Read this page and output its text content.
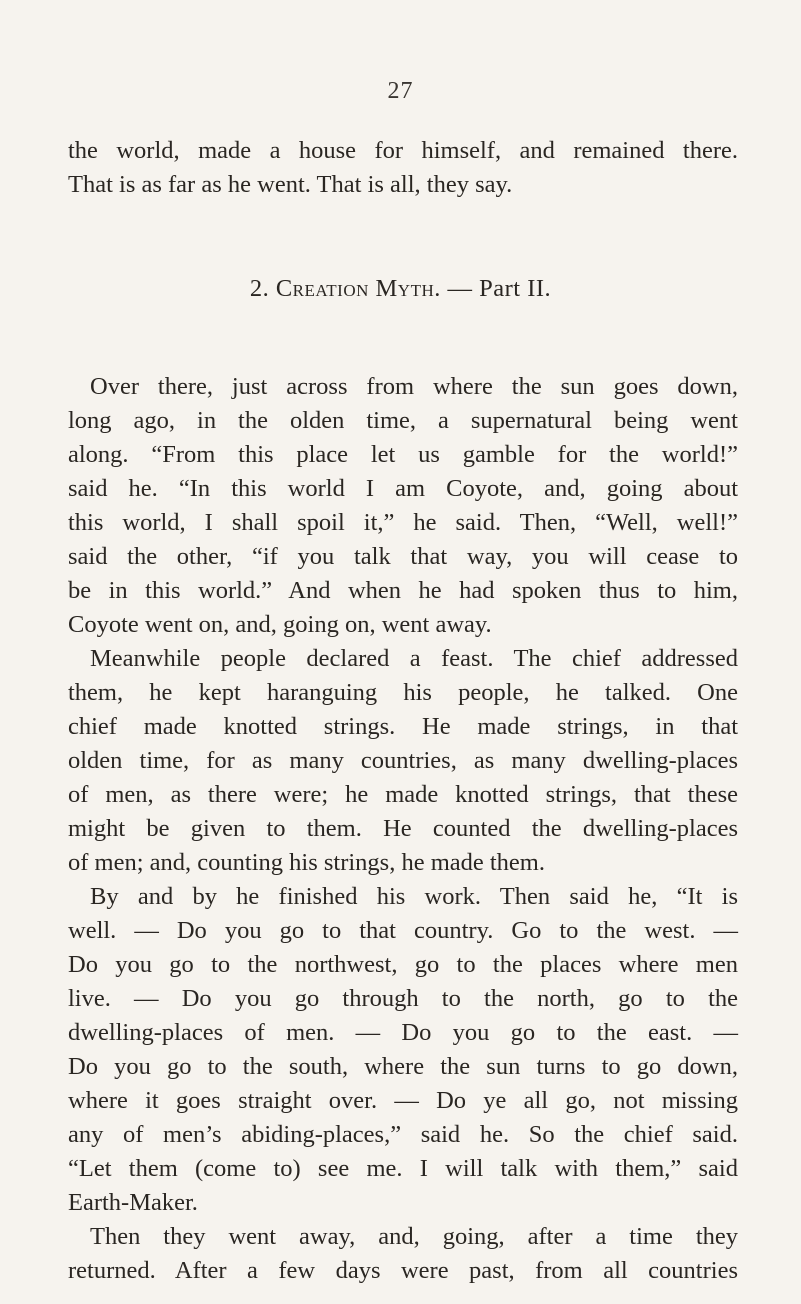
27
the world, made a house for himself, and remained there.
That is as far as he went. That is all, they say.
2. Creation Myth. — Part II.
Over there, just across from where the sun goes down,
long ago, in the olden time, a supernatural being went
along. “From this place let us gamble for the world!”
said he. “In this world I am Coyote, and, going about
this world, I shall spoil it,” he said. Then, “Well, well!”
said the other, “if you talk that way, you will cease to
be in this world.” And when he had spoken thus to him,
Coyote went on, and, going on, went away.
Meanwhile people declared a feast. The chief addressed
them, he kept haranguing his people, he talked. One
chief made knotted strings. He made strings, in that
olden time, for as many countries, as many dwelling-places
of men, as there were; he made knotted strings, that these
might be given to them. He counted the dwelling-places
of men; and, counting his strings, he made them.
By and by he finished his work. Then said he, “It is
well. — Do you go to that country. Go to the west. —
Do you go to the northwest, go to the places where men
live. — Do you go through to the north, go to the
dwelling-places of men. — Do you go to the east. —
Do you go to the south, where the sun turns to go down,
where it goes straight over. — Do ye all go, not missing
any of men’s abiding-places,” said he. So the chief said.
“Let them (come to) see me. I will talk with them,” said
Earth-Maker.
Then they went away, and, going, after a time they
returned. After a few days were past, from all countries
